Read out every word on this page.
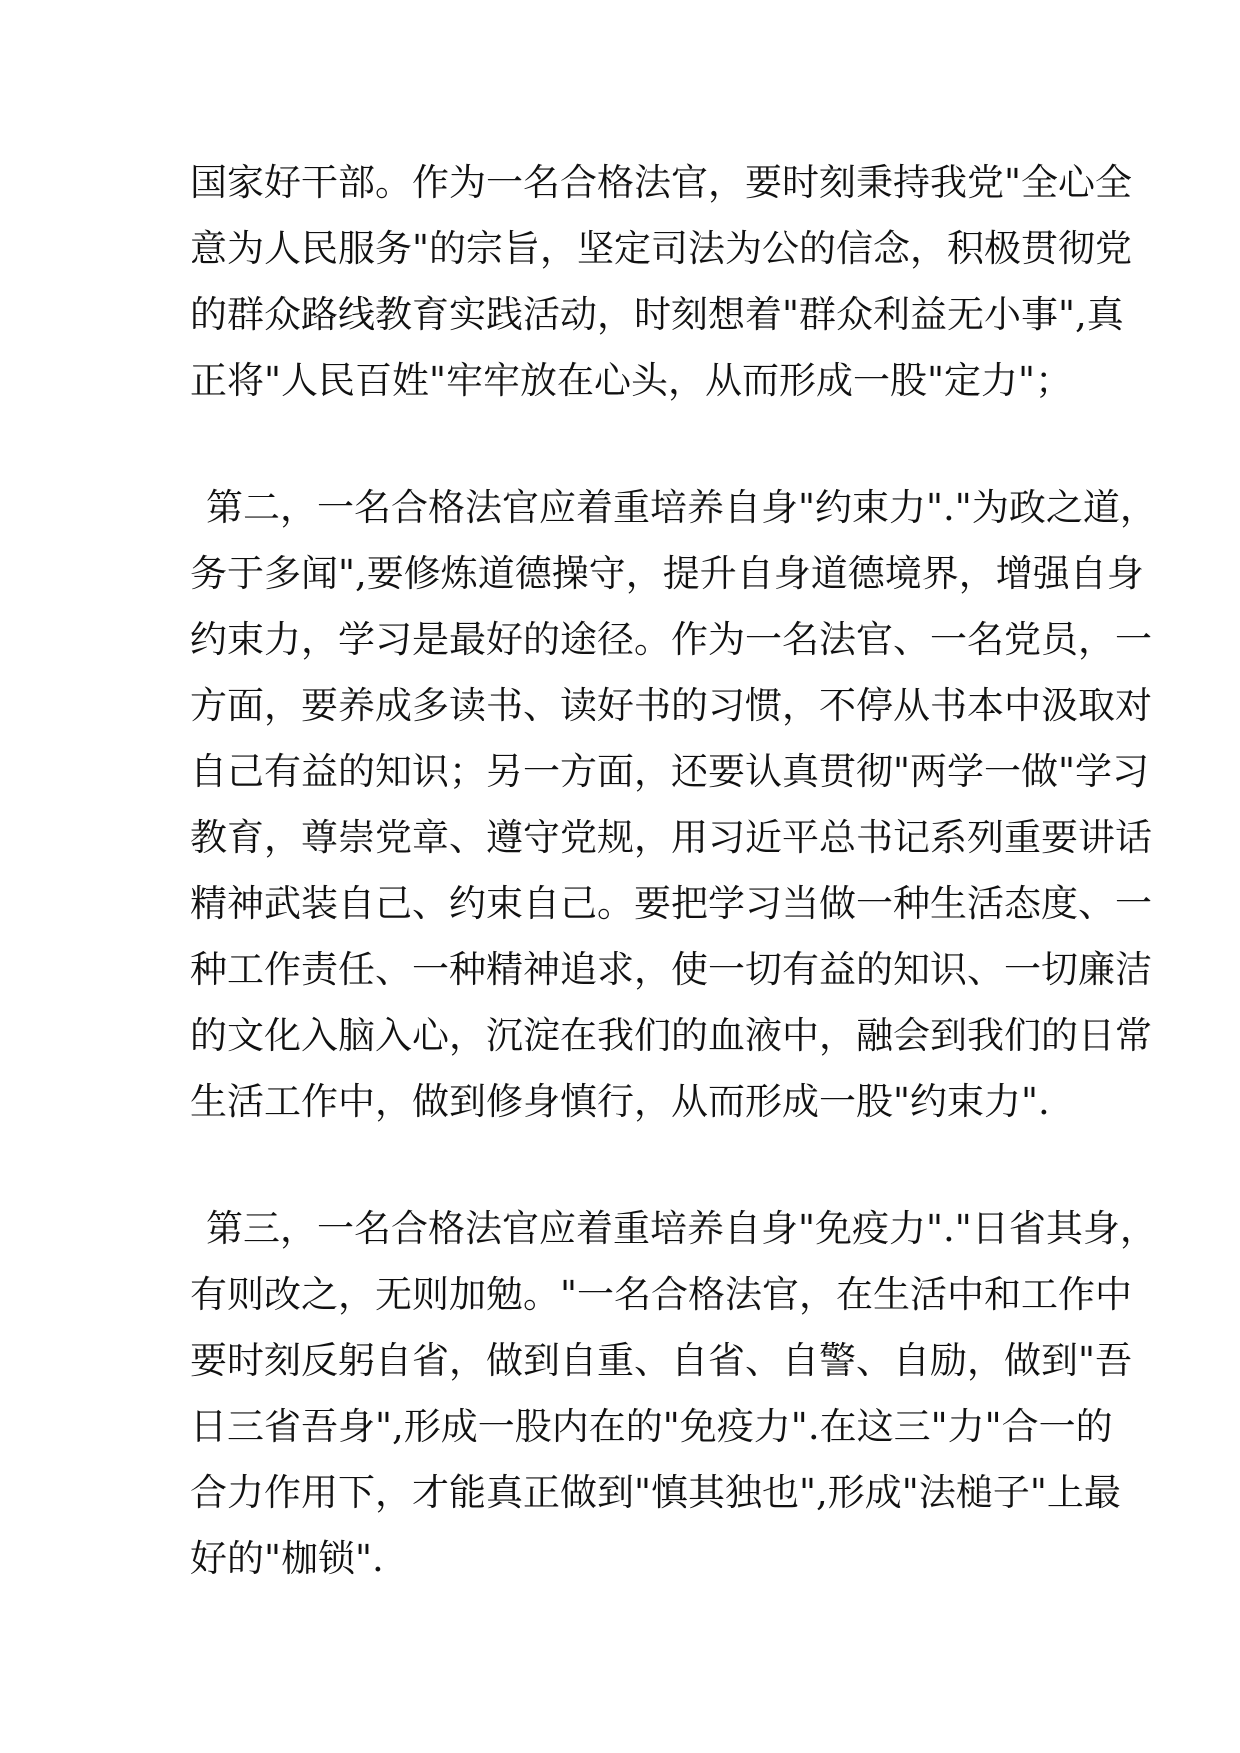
国家好干部。作为一名合格法官，要时刻秉持我党"全心全
意为人民服务"的宗旨，坚定司法为公的信念，积极贯彻党
的群众路线教育实践活动，时刻想着"群众利益无小事",真
正将"人民百姓"牢牢放在心头，从而形成一股"定力"；
第二，一名合格法官应着重培养自身"约束力"."为政之道，
务于多闻",要修炼道德操守，提升自身道德境界，增强自身
约束力，学习是最好的途径。作为一名法官、一名党员，一
方面，要养成多读书、读好书的习惯，不停从书本中汲取对
自己有益的知识；另一方面，还要认真贯彻"两学一做"学习
教育，尊崇党章、遵守党规，用习近平总书记系列重要讲话
精神武装自己、约束自己。要把学习当做一种生活态度、一
种工作责任、一种精神追求，使一切有益的知识、一切廉洁
的文化入脑入心，沉淀在我们的血液中，融会到我们的日常
生活工作中，做到修身慎行，从而形成一股"约束力".
第三，一名合格法官应着重培养自身"免疫力"."日省其身，
有则改之，无则加勉。"一名合格法官，在生活中和工作中
要时刻反躬自省，做到自重、自省、自警、自励，做到"吾
日三省吾身",形成一股内在的"免疫力".在这三"力"合一的
合力作用下，才能真正做到"慎其独也",形成"法槌子"上最
好的"枷锁".
